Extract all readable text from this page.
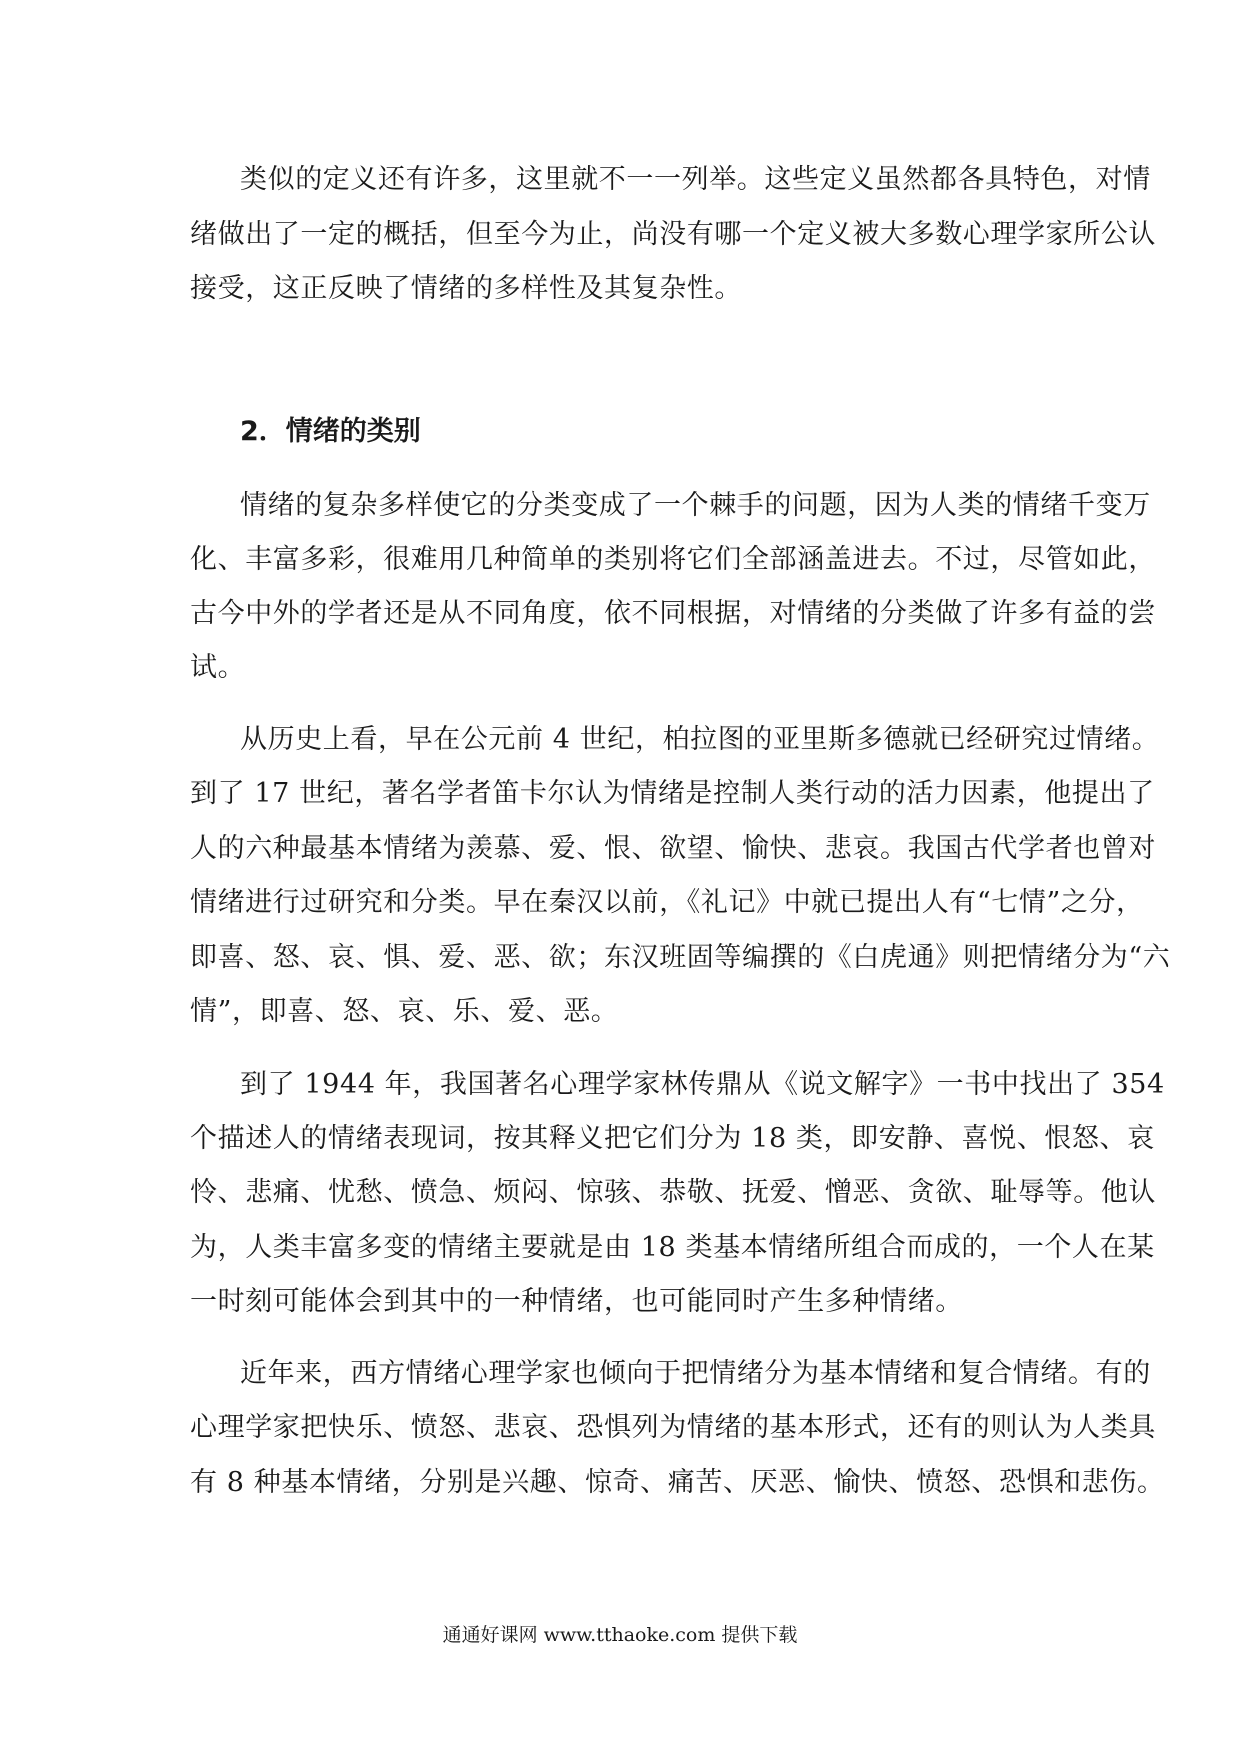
类似的定义还有许多，这里就不一一列举。这些定义虽然都各具特色，对情
绪做出了一定的概括，但至今为止，尚没有哪一个定义被大多数心理学家所公认
接受，这正反映了情绪的多样性及其复杂性。
2．情绪的类别
情绪的复杂多样使它的分类变成了一个棘手的问题，因为人类的情绪千变万
化、丰富多彩，很难用几种简单的类别将它们全部涵盖进去。不过，尽管如此，
古今中外的学者还是从不同角度，依不同根据，对情绪的分类做了许多有益的尝
试。
从历史上看，早在公元前 4 世纪，柏拉图的亚里斯多德就已经研究过情绪。
到了 17 世纪，著名学者笛卡尔认为情绪是控制人类行动的活力因素，他提出了
人的六种最基本情绪为羡慕、爱、恨、欲望、愉快、悲哀。我国古代学者也曾对
情绪进行过研究和分类。早在秦汉以前，《礼记》中就已提出人有“七情”之分，
即喜、怒、哀、惧、爱、恶、欲；东汉班固等编撰的《白虎通》则把情绪分为“六
情”，即喜、怒、哀、乐、爱、恶。
到了 1944 年，我国著名心理学家林传鼎从《说文解字》一书中找出了 354
个描述人的情绪表现词，按其释义把它们分为 18 类，即安静、喜悦、恨怒、哀
怜、悲痛、忧愁、愤急、烦闷、惊骇、恭敬、抚爱、憎恶、贪欲、耻辱等。他认
为，人类丰富多变的情绪主要就是由 18 类基本情绪所组合而成的，一个人在某
一时刻可能体会到其中的一种情绪，也可能同时产生多种情绪。
近年来，西方情绪心理学家也倾向于把情绪分为基本情绪和复合情绪。有的
心理学家把快乐、愤怒、悲哀、恐惧列为情绪的基本形式，还有的则认为人类具
有 8 种基本情绪，分别是兴趣、惊奇、痛苦、厌恶、愉快、愤怒、恐惧和悲伤。
通通好课网 www.tthaoke.com 提供下载
